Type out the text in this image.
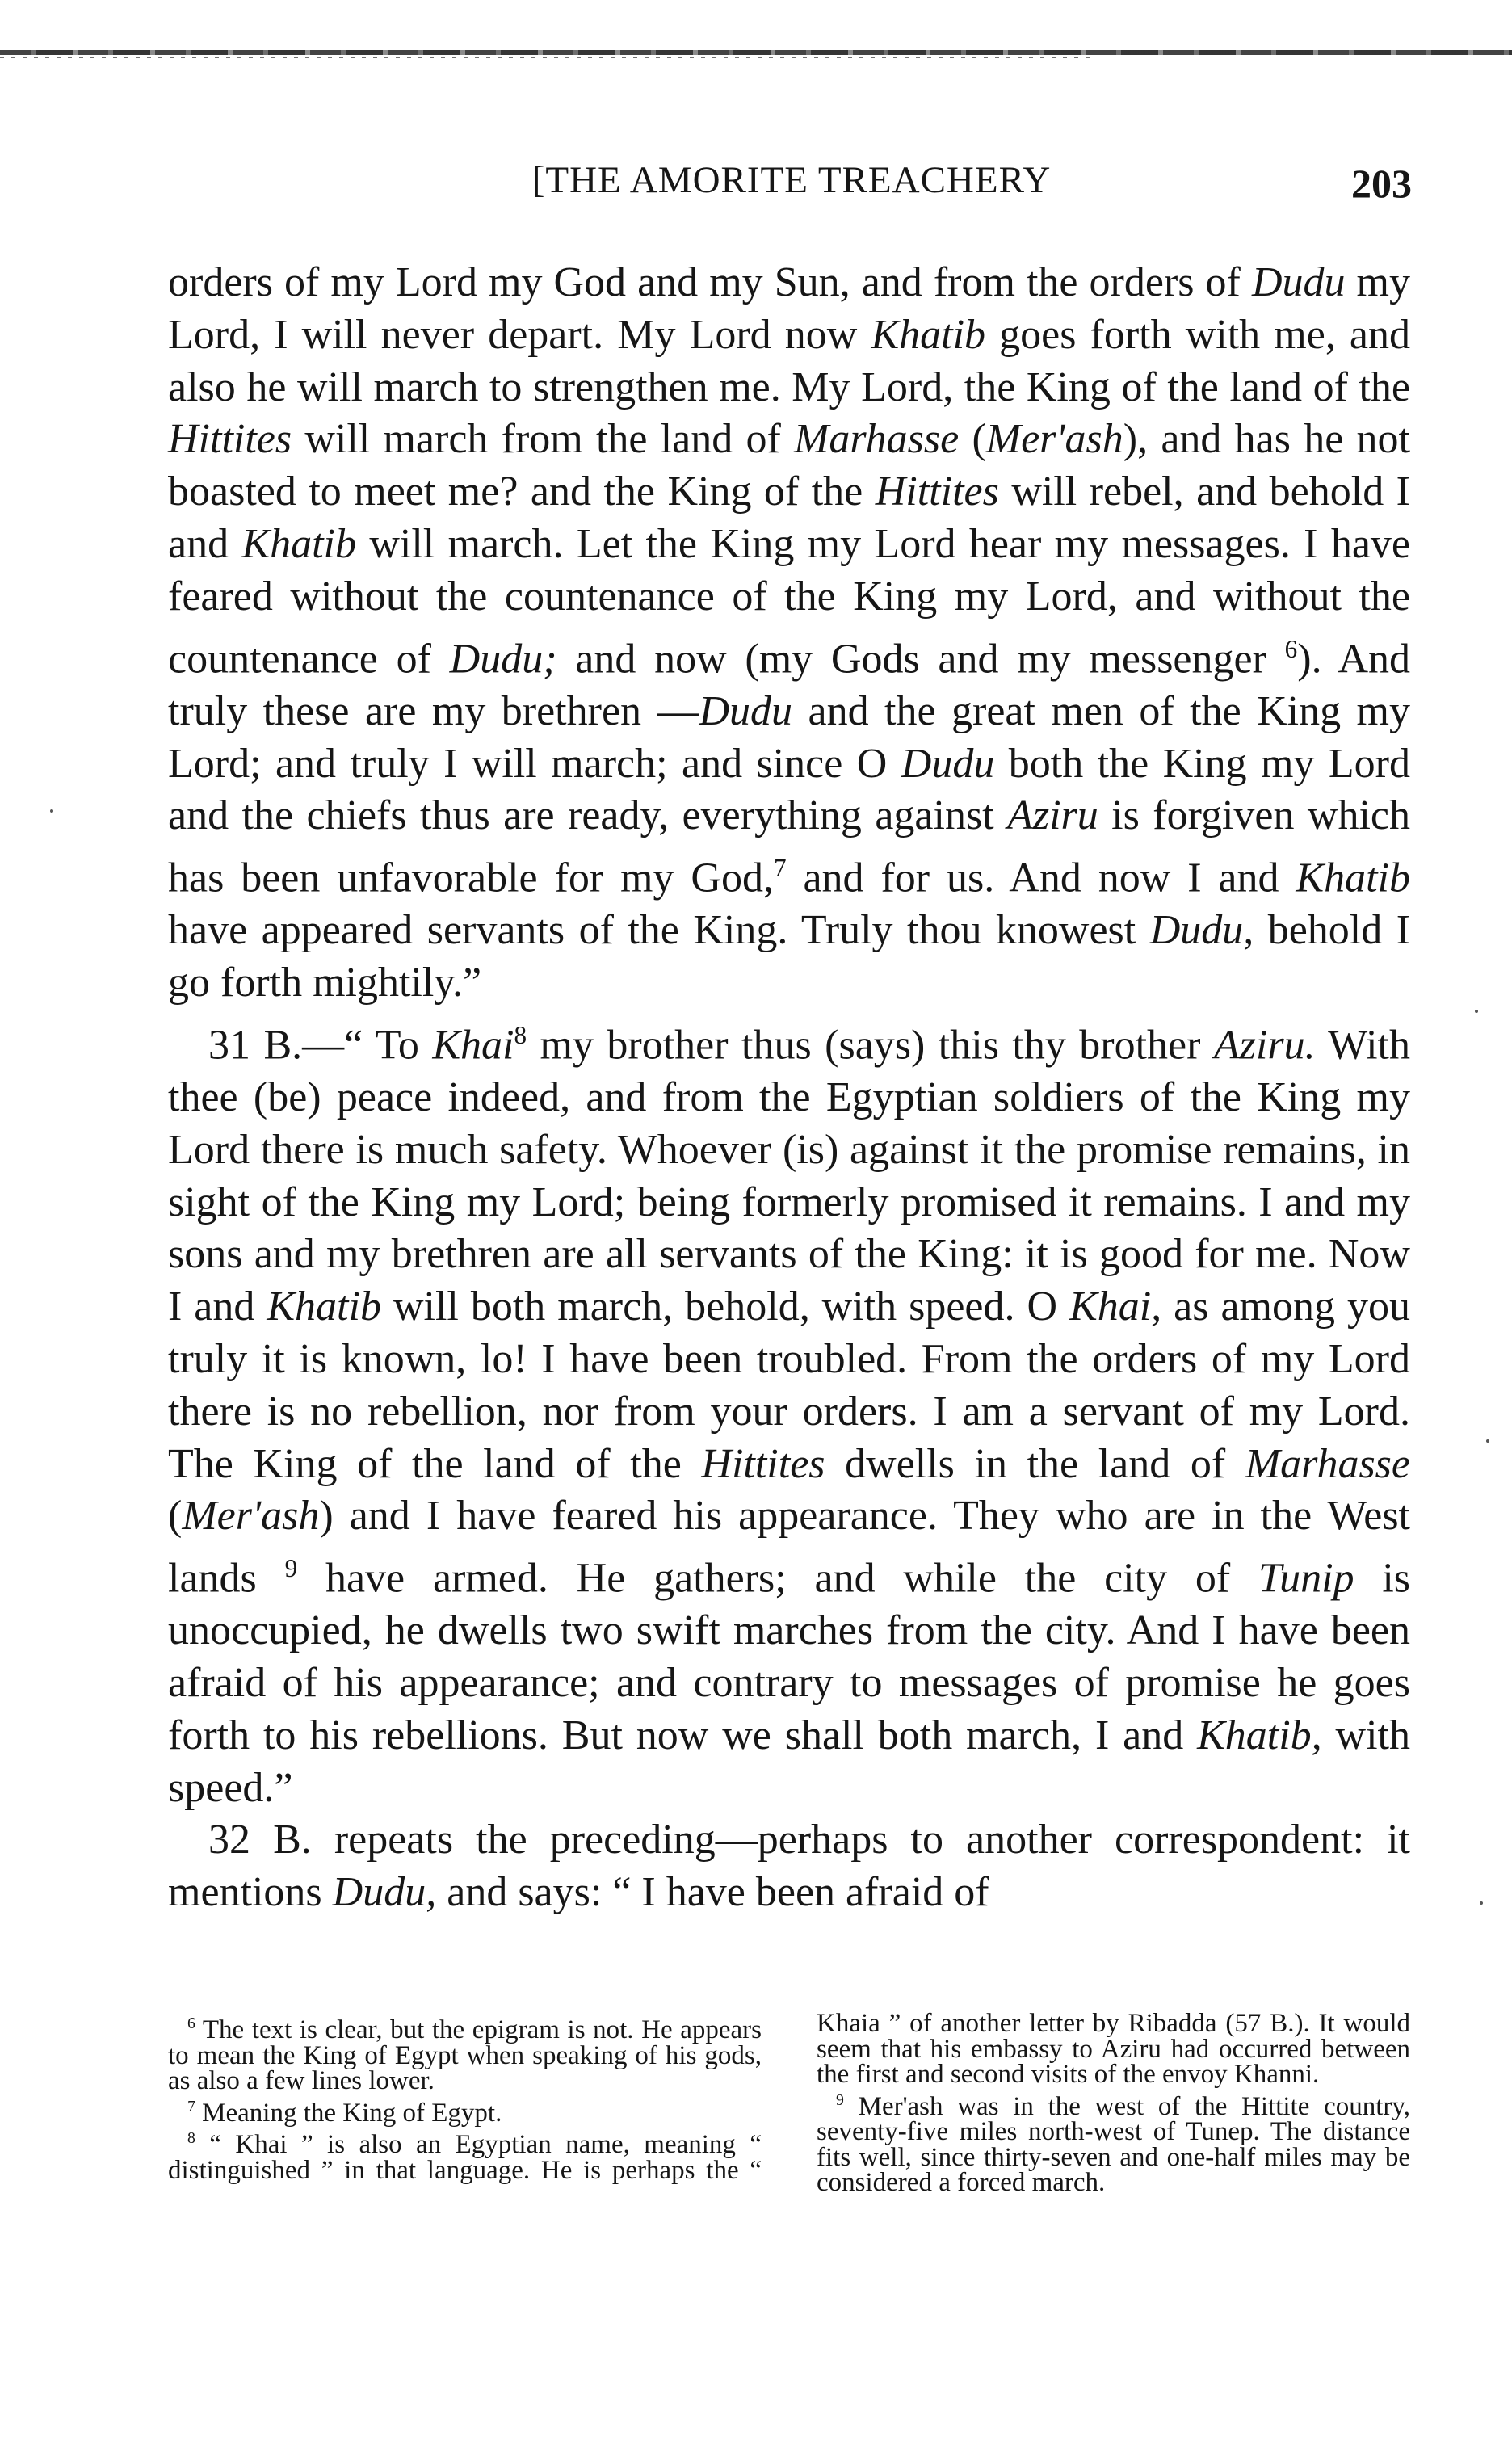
[THE AMORITE TREACHERY	203

orders of my Lord my God and my Sun, and from the orders of Dudu my Lord, I will never depart. My Lord now Khatib goes forth with me, and also he will march to strengthen me. My Lord, the King of the land of the Hittites will march from the land of Marhasse (Mer'ash), and has he not boasted to meet me? and the King of the Hittites will rebel, and behold I and Khatib will march. Let the King my Lord hear my messages. I have feared without the countenance of the King my Lord, and without the countenance of Dudu; and now (my Gods and my messenger $^6$). And truly these are my brethren —Dudu and the great men of the King my Lord; and truly I will march; and since O Dudu both the King my Lord and the chiefs thus are ready, everything against Aziru is forgiven which has been unfavorable for my God,$^7$ and for us. And now I and Khatib have appeared servants of the King. Truly thou knowest Dudu, behold I go forth mightily.”

31 B.—“ To Khai$^8$ my brother thus (says) this thy brother Aziru. With thee (be) peace indeed, and from the Egyptian soldiers of the King my Lord there is much safety. Whoever (is) against it the promise remains, in sight of the King my Lord; being formerly promised it remains. I and my sons and my brethren are all servants of the King: it is good for me. Now I and Khatib will both march, behold, with speed. O Khai, as among you truly it is known, lo! I have been troubled. From the orders of my Lord there is no rebellion, nor from your orders. I am a servant of my Lord. The King of the land of the Hittites dwells in the land of Marhasse (Mer'ash) and I have feared his appearance. They who are in the West lands $^9$ have armed. He gathers; and while the city of Tunip is unoccupied, he dwells two swift marches from the city. And I have been afraid of his appearance; and contrary to messages of promise he goes forth to his rebellions. But now we shall both march, I and Khatib, with speed.”

32 B. repeats the preceding—perhaps to another correspondent: it mentions Dudu, and says: “ I have been afraid of

$^6$ The text is clear, but the epigram is not. He appears to mean the King of Egypt when speaking of his gods, as also a few lines lower.

$^7$ Meaning the King of Egypt.

$^8$ “ Khai ” is also an Egyptian name, meaning “ distinguished ” in that language. He is perhaps the “ Khaia ” of another letter by Ribadda (57 B.). It would seem that his embassy to Aziru had occurred between the first and second visits of the envoy Khanni.

$^9$ Mer'ash was in the west of the Hittite country, seventy-five miles north-west of Tunep. The distance fits well, since thirty-seven and one-half miles may be considered a forced march.
